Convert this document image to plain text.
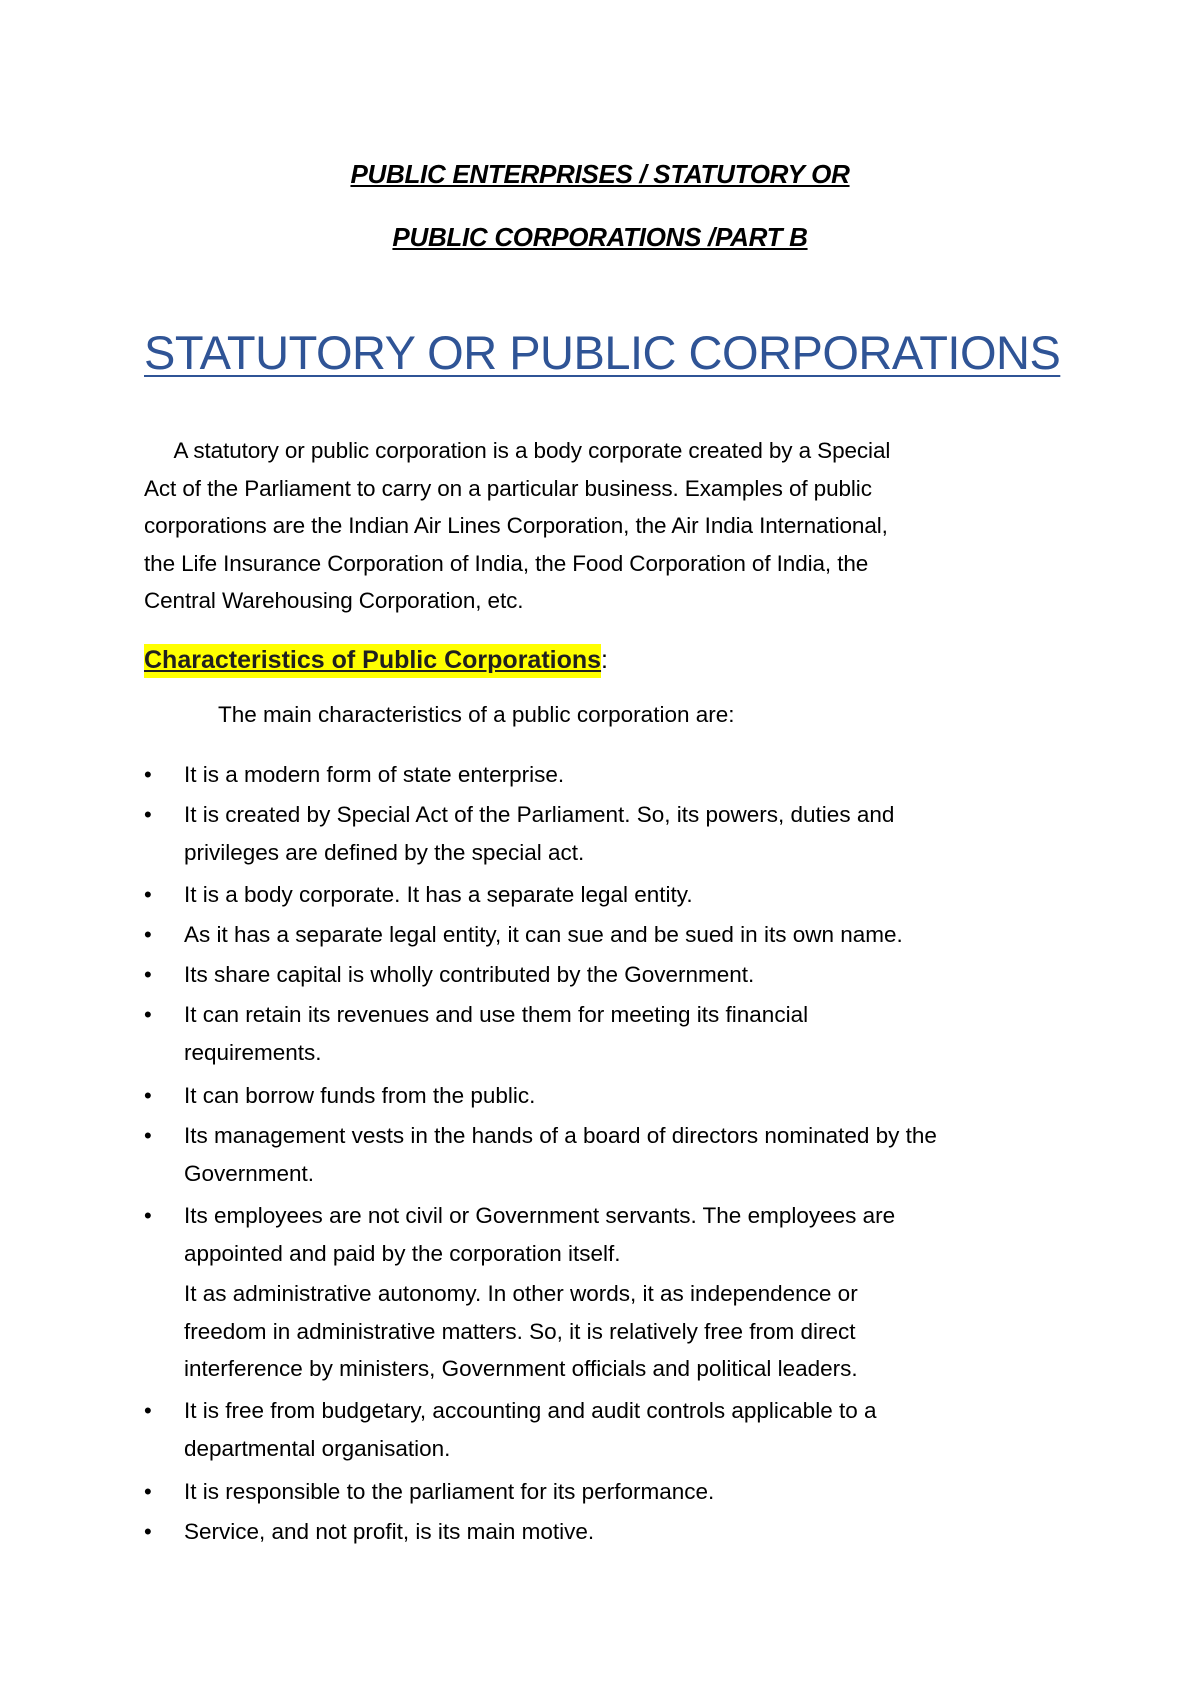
PUBLIC ENTERPRISES / STATUTORY OR
PUBLIC CORPORATIONS /PART B
STATUTORY OR PUBLIC CORPORATIONS
A statutory or public corporation is a body corporate created by a Special
Act of the Parliament to carry on a particular business. Examples of public
corporations are the Indian Air Lines Corporation, the Air India International,
the Life Insurance Corporation of India, the Food Corporation of India, the
Central Warehousing Corporation, etc.
Characteristics of Public Corporations:
The main characteristics of a public corporation are:
•	It is a modern form of state enterprise.
•	It is created by Special Act of the Parliament. So, its powers, duties and
privileges are defined by the special act.
•	It is a body corporate. It has a separate legal entity.
•	As it has a separate legal entity, it can sue and be sued in its own name.
•	Its share capital is wholly contributed by the Government.
•	It can retain its revenues and use them for meeting its financial
requirements.
•	It can borrow funds from the public.
•	Its management vests in the hands of a board of directors nominated by the
Government.
•	Its employees are not civil or Government servants. The employees are
appointed and paid by the corporation itself.
It as administrative autonomy. In other words, it as independence or
freedom in administrative matters. So, it is relatively free from direct
interference by ministers, Government officials and political leaders.
•	It is free from budgetary, accounting and audit controls applicable to a
departmental organisation.
•	It is responsible to the parliament for its performance.
•	Service, and not profit, is its main motive.
